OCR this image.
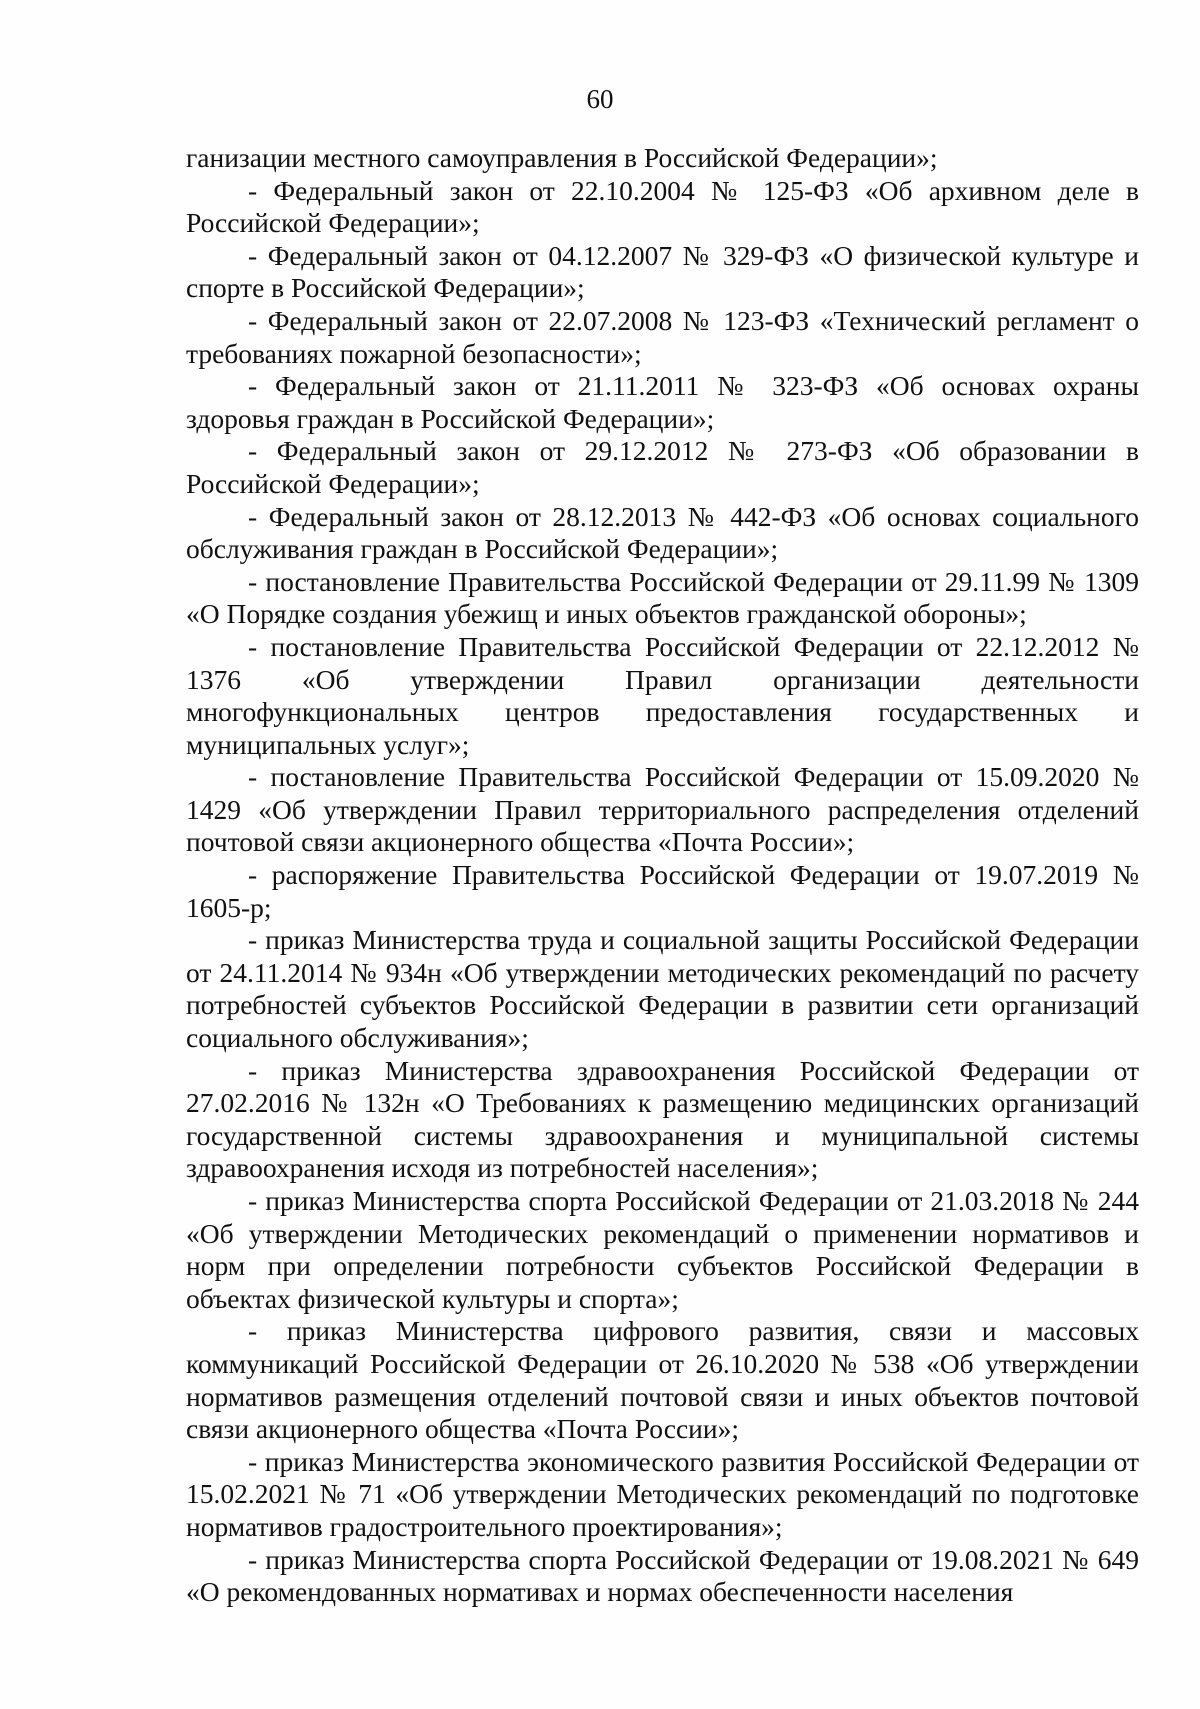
60

ганизации местного самоуправления в Российской Федерации»;

- Федеральный закон от 22.10.2004 № 125-ФЗ «Об архивном деле в Российской Федерации»;

- Федеральный закон от 04.12.2007 № 329-ФЗ «О физической культуре и спорте в Российской Федерации»;

- Федеральный закон от 22.07.2008 № 123-ФЗ «Технический регламент о требованиях пожарной безопасности»;

- Федеральный закон от 21.11.2011 № 323-ФЗ «Об основах охраны здоровья граждан в Российской Федерации»;

- Федеральный закон от 29.12.2012 № 273-ФЗ «Об образовании в Российской Федерации»;

- Федеральный закон от 28.12.2013 № 442-ФЗ «Об основах социального обслуживания граждан в Российской Федерации»;

- постановление Правительства Российской Федерации от 29.11.99 № 1309 «О Порядке создания убежищ и иных объектов гражданской обороны»;

- постановление Правительства Российской Федерации от 22.12.2012 № 1376 «Об утверждении Правил организации деятельности многофункциональных центров предоставления государственных и муниципальных услуг»;

- постановление Правительства Российской Федерации от 15.09.2020 № 1429 «Об утверждении Правил территориального распределения отделений почтовой связи акционерного общества «Почта России»;

- распоряжение Правительства Российской Федерации от 19.07.2019 № 1605-р;

- приказ Министерства труда и социальной защиты Российской Федерации от 24.11.2014 № 934н «Об утверждении методических рекомендаций по расчету потребностей субъектов Российской Федерации в развитии сети организаций социального обслуживания»;

- приказ Министерства здравоохранения Российской Федерации от 27.02.2016 № 132н «О Требованиях к размещению медицинских организаций государственной системы здравоохранения и муниципальной системы здравоохранения исходя из потребностей населения»;

- приказ Министерства спорта Российской Федерации от 21.03.2018 № 244 «Об утверждении Методических рекомендаций о применении нормативов и норм при определении потребности субъектов Российской Федерации в объектах физической культуры и спорта»;

- приказ Министерства цифрового развития, связи и массовых коммуникаций Российской Федерации от 26.10.2020 № 538 «Об утверждении нормативов размещения отделений почтовой связи и иных объектов почтовой связи акционерного общества «Почта России»;

- приказ Министерства экономического развития Российской Федерации от 15.02.2021 № 71 «Об утверждении Методических рекомендаций по подготовке нормативов градостроительного проектирования»;

- приказ Министерства спорта Российской Федерации от 19.08.2021 № 649 «О рекомендованных нормативах и нормах обеспеченности населения
